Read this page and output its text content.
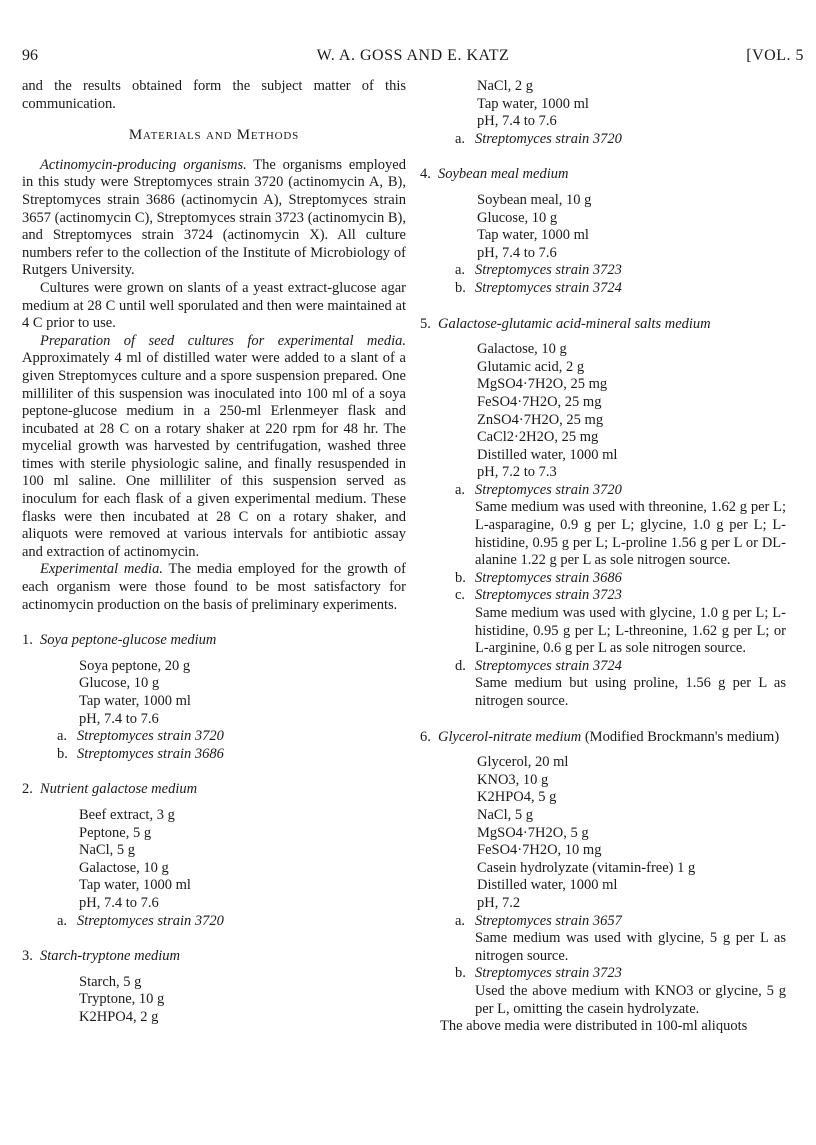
96	W. A. GOSS AND E. KATZ	[VOL. 5

and the results obtained form the subject matter of this communication.

Materials and Methods

Actinomycin-producing organisms. The organisms employed in this study were Streptomyces strain 3720 (actinomycin A, B), Streptomyces strain 3686 (actinomycin A), Streptomyces strain 3657 (actinomycin C), Streptomyces strain 3723 (actinomycin B), and Streptomyces strain 3724 (actinomycin X). All culture numbers refer to the collection of the Institute of Microbiology of Rutgers University.

Cultures were grown on slants of a yeast extract-glucose agar medium at 28 C until well sporulated and then were maintained at 4 C prior to use.

Preparation of seed cultures for experimental media. Approximately 4 ml of distilled water were added to a slant of a given Streptomyces culture and a spore suspension prepared. One milliliter of this suspension was inoculated into 100 ml of a soya peptone-glucose medium in a 250-ml Erlenmeyer flask and incubated at 28 C on a rotary shaker at 220 rpm for 48 hr. The mycelial growth was harvested by centrifugation, washed three times with sterile physiologic saline, and finally resuspended in 100 ml saline. One milliliter of this suspension served as inoculum for each flask of a given experimental medium. These flasks were then incubated at 28 C on a rotary shaker, and aliquots were removed at various intervals for antibiotic assay and extraction of actinomycin.

Experimental media. The media employed for the growth of each organism were those found to be most satisfactory for actinomycin production on the basis of preliminary experiments.

1. Soya peptone-glucose medium
Soya peptone, 20 g
Glucose, 10 g
Tap water, 1000 ml
pH, 7.4 to 7.6
a. Streptomyces strain 3720
b. Streptomyces strain 3686
2. Nutrient galactose medium
Beef extract, 3 g
Peptone, 5 g
NaCl, 5 g
Galactose, 10 g
Tap water, 1000 ml
pH, 7.4 to 7.6
a. Streptomyces strain 3720
3. Starch-tryptone medium
Starch, 5 g
Tryptone, 10 g
K2HPO4, 2 g
NaCl, 2 g
Tap water, 1000 ml
pH, 7.4 to 7.6
a. Streptomyces strain 3720
4. Soybean meal medium
Soybean meal, 10 g
Glucose, 10 g
Tap water, 1000 ml
pH, 7.4 to 7.6
a. Streptomyces strain 3723
b. Streptomyces strain 3724
5. Galactose-glutamic acid-mineral salts medium
Galactose, 10 g
Glutamic acid, 2 g
MgSO4·7H2O, 25 mg
FeSO4·7H2O, 25 mg
ZnSO4·7H2O, 25 mg
CaCl2·2H2O, 25 mg
Distilled water, 1000 ml
pH, 7.2 to 7.3
a. Streptomyces strain 3720

Same medium was used with threonine, 1.62 g per L; L-asparagine, 0.9 g per L; glycine, 1.0 g per L; L-histidine, 0.95 g per L; L-proline 1.56 g per L or DL-alanine 1.22 g per L as sole nitrogen source.

b. Streptomyces strain 3686
c. Streptomyces strain 3723

Same medium was used with glycine, 1.0 g per L; L-histidine, 0.95 g per L; L-threonine, 1.62 g per L; or L-arginine, 0.6 g per L as sole nitrogen source.

d. Streptomyces strain 3724

Same medium but using proline, 1.56 g per L as nitrogen source.

6. Glycerol-nitrate medium (Modified Brockmann's medium)
Glycerol, 20 ml
KNO3, 10 g
K2HPO4, 5 g
NaCl, 5 g
MgSO4·7H2O, 5 g
FeSO4·7H2O, 10 mg
Casein hydrolyzate (vitamin-free) 1 g
Distilled water, 1000 ml
pH, 7.2
a. Streptomyces strain 3657

Same medium was used with glycine, 5 g per L as nitrogen source.

b. Streptomyces strain 3723

Used the above medium with KNO3 or glycine, 5 g per L, omitting the casein hydrolyzate.

The above media were distributed in 100-ml aliquots
